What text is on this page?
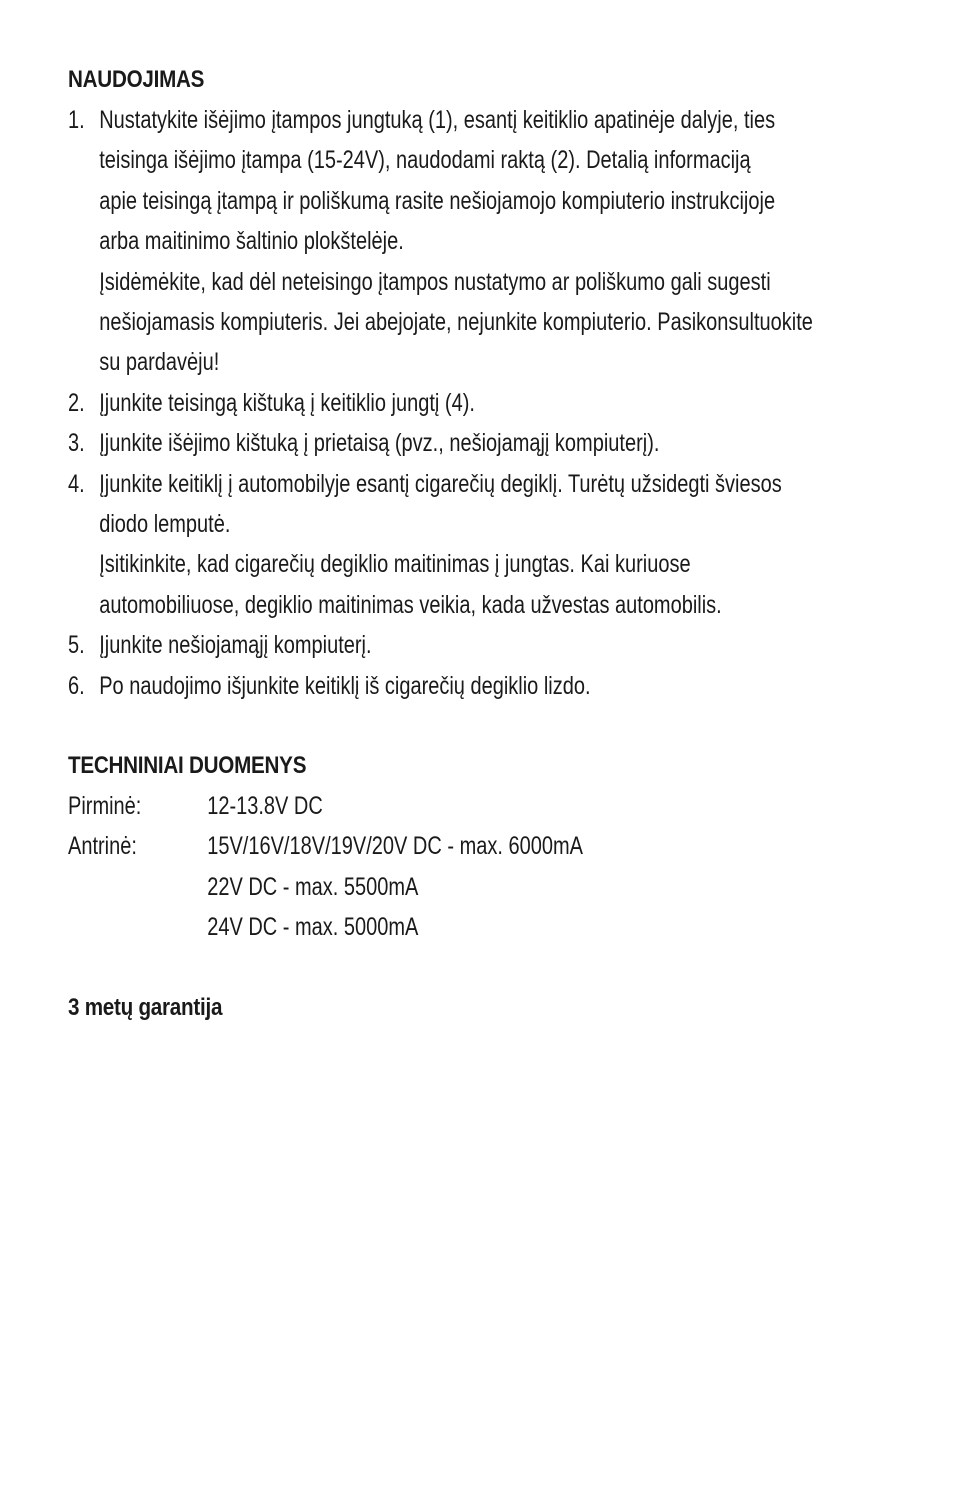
NAUDOJIMAS
1. Nustatykite išėjimo įtampos jungtuką (1), esantį keitiklio apatinėje dalyje, ties
teisinga išėjimo įtampa (15-24V), naudodami raktą (2). Detalią informaciją
apie teisingą įtampą ir poliškumą rasite nešiojamojo kompiuterio instrukcijoje
arba maitinimo šaltinio plokštelėje.
Įsidėmėkite, kad dėl neteisingo įtampos nustatymo ar poliškumo gali sugesti
nešiojamasis kompiuteris. Jei abejojate, nejunkite kompiuterio. Pasikonsultuokite
su pardavėju!
2. Įjunkite teisingą kištuką į keitiklio jungtį (4).
3. Įjunkite išėjimo kištuką į prietaisą (pvz., nešiojamąjį kompiuterį).
4. Įjunkite keitiklį į automobilyje esantį cigarečių degiklį. Turėtų užsidegti šviesos
diodo lemputė.
Įsitikinkite, kad cigarečių degiklio maitinimas į jungtas. Kai kuriuose
automobiliuose, degiklio maitinimas veikia, kada užvestas automobilis.
5. Įjunkite nešiojamąjį kompiuterį.
6. Po naudojimo išjunkite keitiklį iš cigarečių degiklio lizdo.
TECHNINIAI DUOMENYS
Pirminė:	12-13.8V DC
Antrinė:	15V/16V/18V/19V/20V DC - max. 6000mA
22V DC - max. 5500mA
24V DC - max. 5000mA
3 metų garantija
